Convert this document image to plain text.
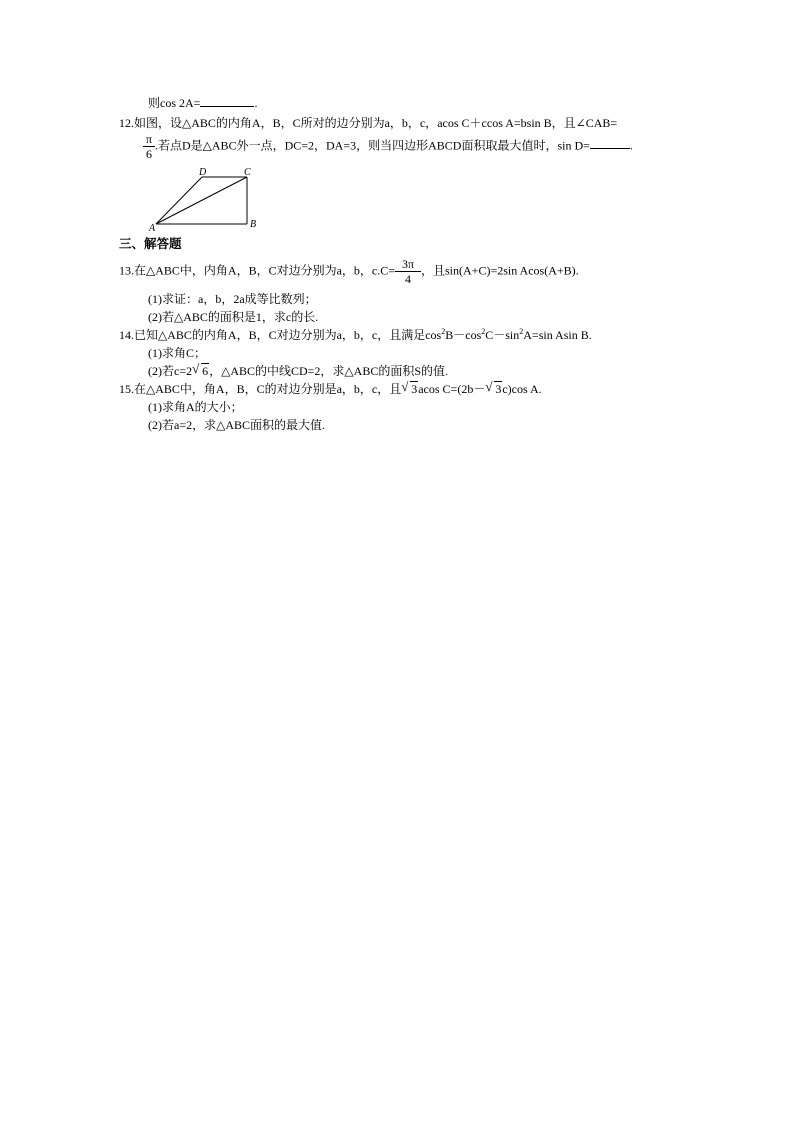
则cos 2A=	.
12.如图，设△ABC的内角A，B，C所对的边分别为a，b，c，acos C＋ccos A=bsin B，且∠CAB=
$\frac{\pi}{6}$ .若点D是△ABC外一点，DC=2，DA=3，则当四边形ABCD面积取最大值时，sin D=	.
D	C
A	B
三、解答题
13.在△ABC中，内角A，B，C对边分别为a，b，$c.C= \frac{3\pi}{4}$ ，且sin(A+C)=2sin Acos(A+B).
(1)求证：a，b，2a成等比数列；
(2)若△ABC的面积是1，求c的长.
14.已知△ABC的内角A，B，C对边分别为a，b，c，且满足$\cos^2B-\cos^2C-\sin^2A=\sin$ Asin B.
(1)求角C；
(2)若c=2 √ 6，△ABC的中线CD=2，求△ABC的面积S的值.
15.在△ABC中，角A，B，C的对边分别是a，b，c，且 √ 3acos C=(2b－ √ 3c)cos A.
(1)求角A的大小；
(2)若a=2，求△ABC面积的最大值.
